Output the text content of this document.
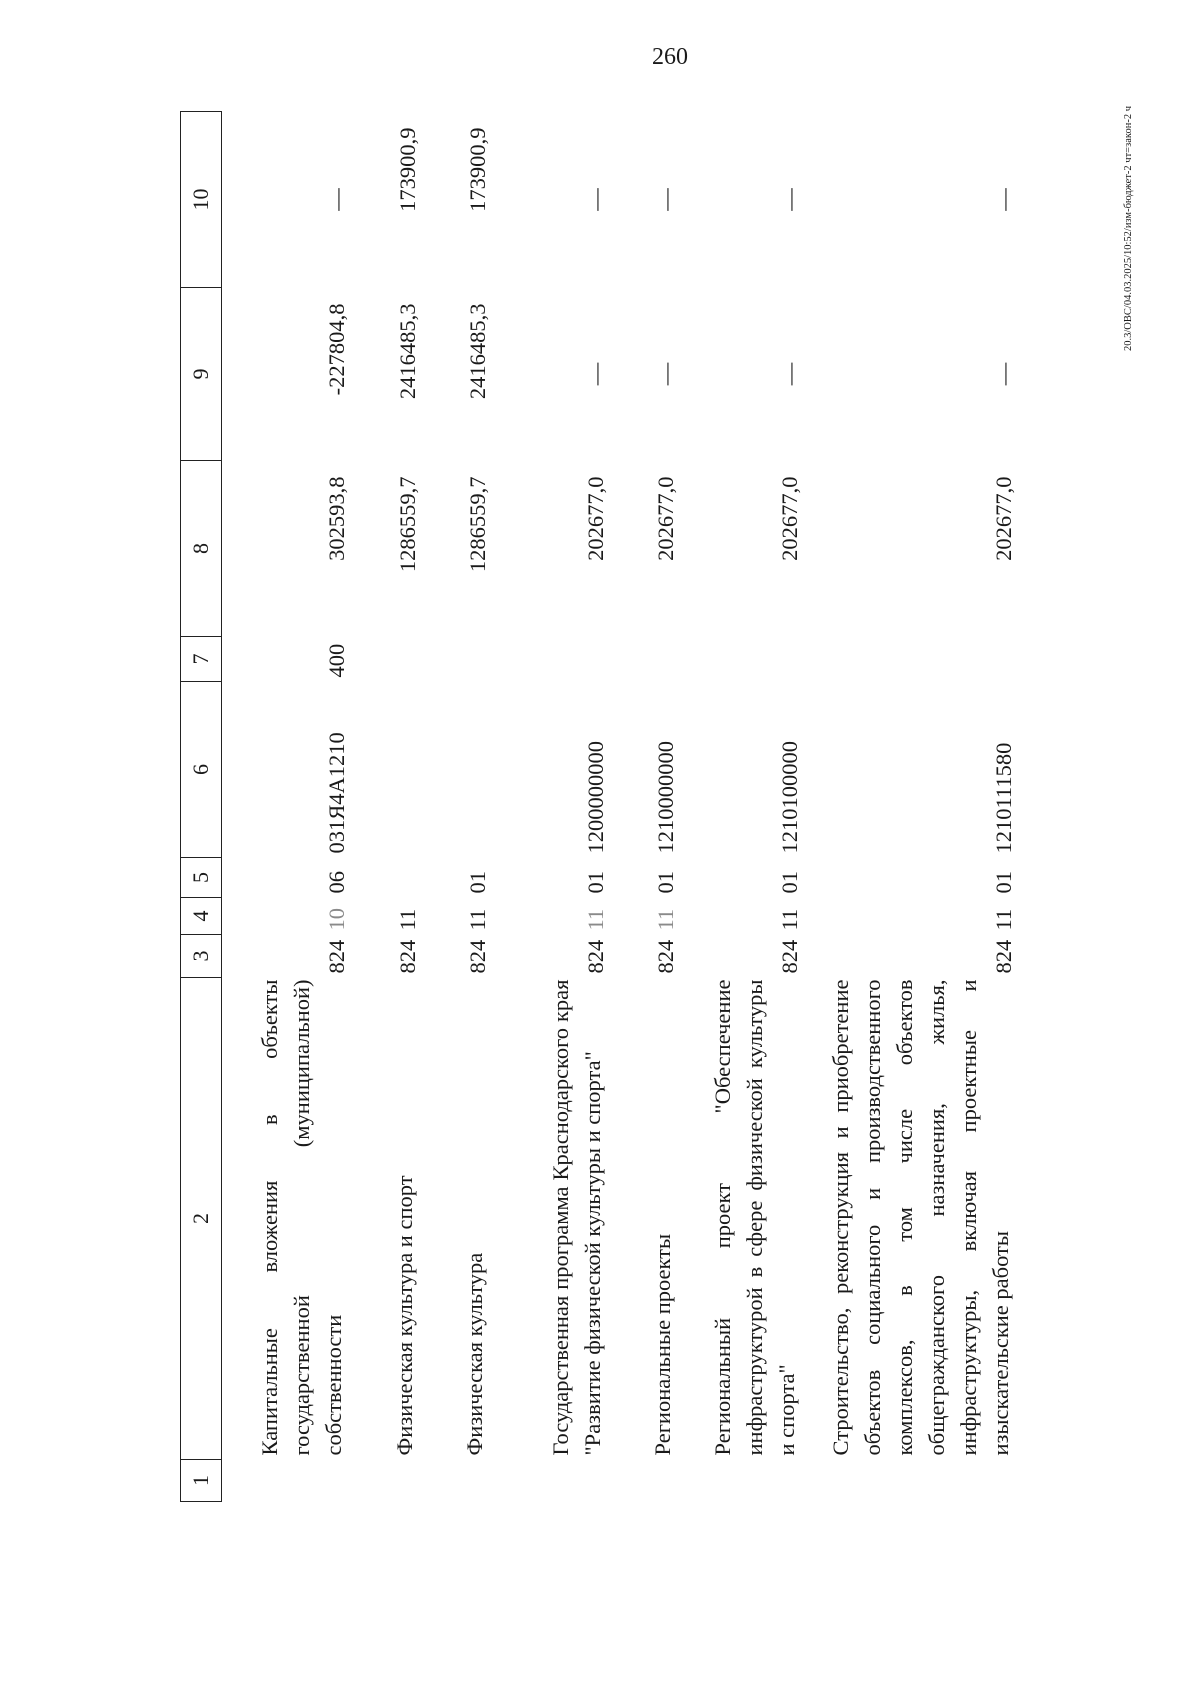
260
20.3/OBC/04.03.2025/10:52/изм-бюджет-2 чт=закон-2 ч
1	2	3	4	5	6	7	8	9	10
	Капитальные вложения в объекты государственной (муниципальной) собственности	824	10	06	031Я4А1210	400	302593,8	-227804,8	—
	Физическая культура и спорт	824	11				1286559,7	2416485,3	173900,9
	Физическая культура	824	11	01			1286559,7	2416485,3	173900,9
	Государственная программа Краснодарского края "Развитие физической культуры и спорта"	824	11	01	1200000000		202677,0	—	—
	Региональные проекты	824	11	01	1210000000		202677,0	—	—
	Региональный проект "Обеспечение инфраструктурой в сфере физической культуры и спорта"	824	11	01	1210100000		202677,0	—	—
	Строительство, реконструкция и приобретение объектов социального и производственного комплексов, в том числе объектов общегражданского назначения, жилья, инфраструктуры, включая проектные и изыскательские работы	824	11	01	1210111580		202677,0	—	—
